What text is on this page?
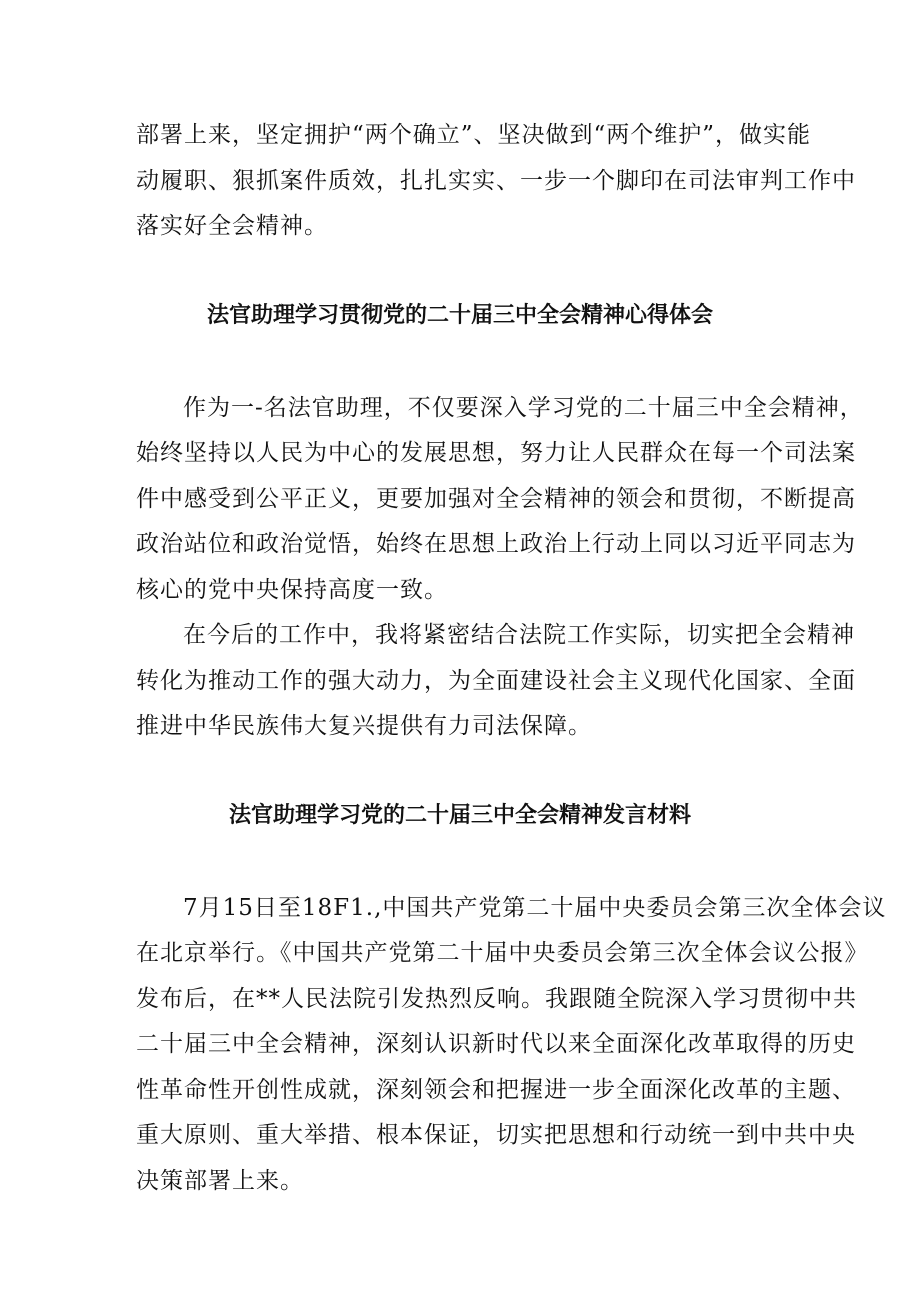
部署上来，坚定拥护“两个确立”、坚决做到“两个维护”，做实能
动履职、狠抓案件质效，扎扎实实、一步一个脚印在司法审判工作中
落实好全会精神。
法官助理学习贯彻党的二十届三中全会精神心得体会
作为一-名法官助理，不仅要深入学习党的二十届三中全会精神，
始终坚持以人民为中心的发展思想，努力让人民群众在每一个司法案
件中感受到公平正义，更要加强对全会精神的领会和贯彻，不断提高
政治站位和政治觉悟，始终在思想上政治上行动上同以习近平同志为
核心的党中央保持高度一致。
在今后的工作中，我将紧密结合法院工作实际，切实把全会精神
转化为推动工作的强大动力，为全面建设社会主义现代化国家、全面
推进中华民族伟大复兴提供有力司法保障。
法官助理学习党的二十届三中全会精神发言材料
7月15日至18F1.,中国共产党第二十届中央委员会第三次全体会议
在北京举行。《中国共产党第二十届中央委员会第三次全体会议公报》
发布后，在**人民法院引发热烈反响。我跟随全院深入学习贯彻中共
二十届三中全会精神，深刻认识新时代以来全面深化改革取得的历史
性革命性开创性成就，深刻领会和把握进一步全面深化改革的主题、
重大原则、重大举措、根本保证，切实把思想和行动统一到中共中央
决策部署上来。
